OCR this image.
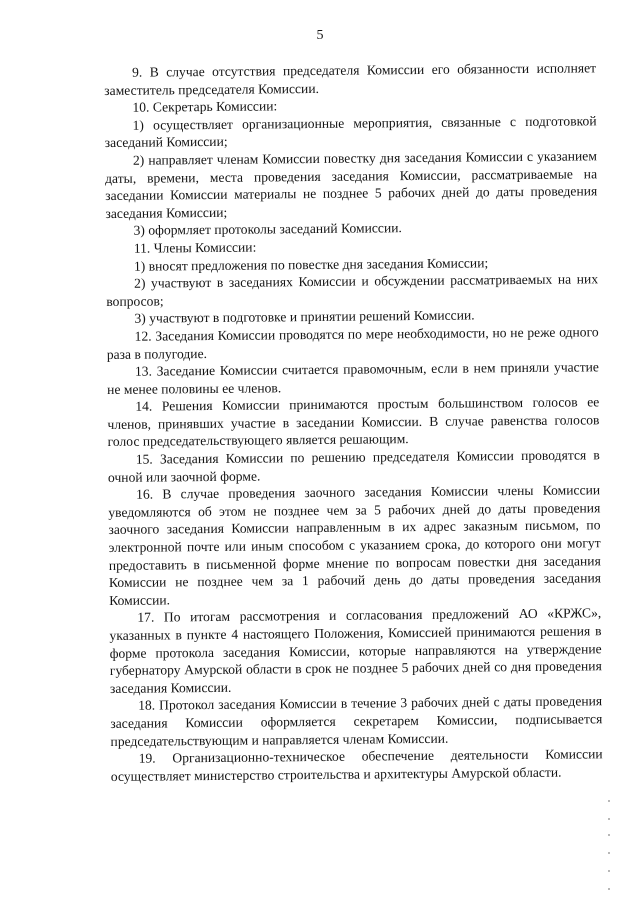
5

9. В случае отсутствия председателя Комиссии его обязанности исполняет заместитель председателя Комиссии.

10. Секретарь Комиссии:

1) осуществляет организационные мероприятия, связанные с подготовкой заседаний Комиссии;

2) направляет членам Комиссии повестку дня заседания Комиссии с указанием даты, времени, места проведения заседания Комиссии, рассматриваемые на заседании Комиссии материалы не позднее 5 рабочих дней до даты проведения заседания Комиссии;

3) оформляет протоколы заседаний Комиссии.

11. Члены Комиссии:

1) вносят предложения по повестке дня заседания Комиссии;

2) участвуют в заседаниях Комиссии и обсуждении рассматриваемых на них вопросов;

3) участвуют в подготовке и принятии решений Комиссии.

12. Заседания Комиссии проводятся по мере необходимости, но не реже одного раза в полугодие.

13. Заседание Комиссии считается правомочным, если в нем приняли участие не менее половины ее членов.

14. Решения Комиссии принимаются простым большинством голосов ее членов, принявших участие в заседании Комиссии. В случае равенства голосов голос председательствующего является решающим.

15. Заседания Комиссии по решению председателя Комиссии проводятся в очной или заочной форме.

16. В случае проведения заочного заседания Комиссии члены Комиссии уведомляются об этом не позднее чем за 5 рабочих дней до даты проведения заочного заседания Комиссии направленным в их адрес заказным письмом, по электронной почте или иным способом с указанием срока, до которого они могут предоставить в письменной форме мнение по вопросам повестки дня заседания Комиссии не позднее чем за 1 рабочий день до даты проведения заседания Комиссии.

17. По итогам рассмотрения и согласования предложений АО «КРЖС», указанных в пункте 4 настоящего Положения, Комиссией принимаются решения в форме протокола заседания Комиссии, которые направляются на утверждение губернатору Амурской области в срок не позднее 5 рабочих дней со дня проведения заседания Комиссии.

18. Протокол заседания Комиссии в течение 3 рабочих дней с даты проведения заседания Комиссии оформляется секретарем Комиссии, подписывается председательствующим и направляется членам Комиссии.

19. Организационно-техническое обеспечение деятельности Комиссии осуществляет министерство строительства и архитектуры Амурской области.
